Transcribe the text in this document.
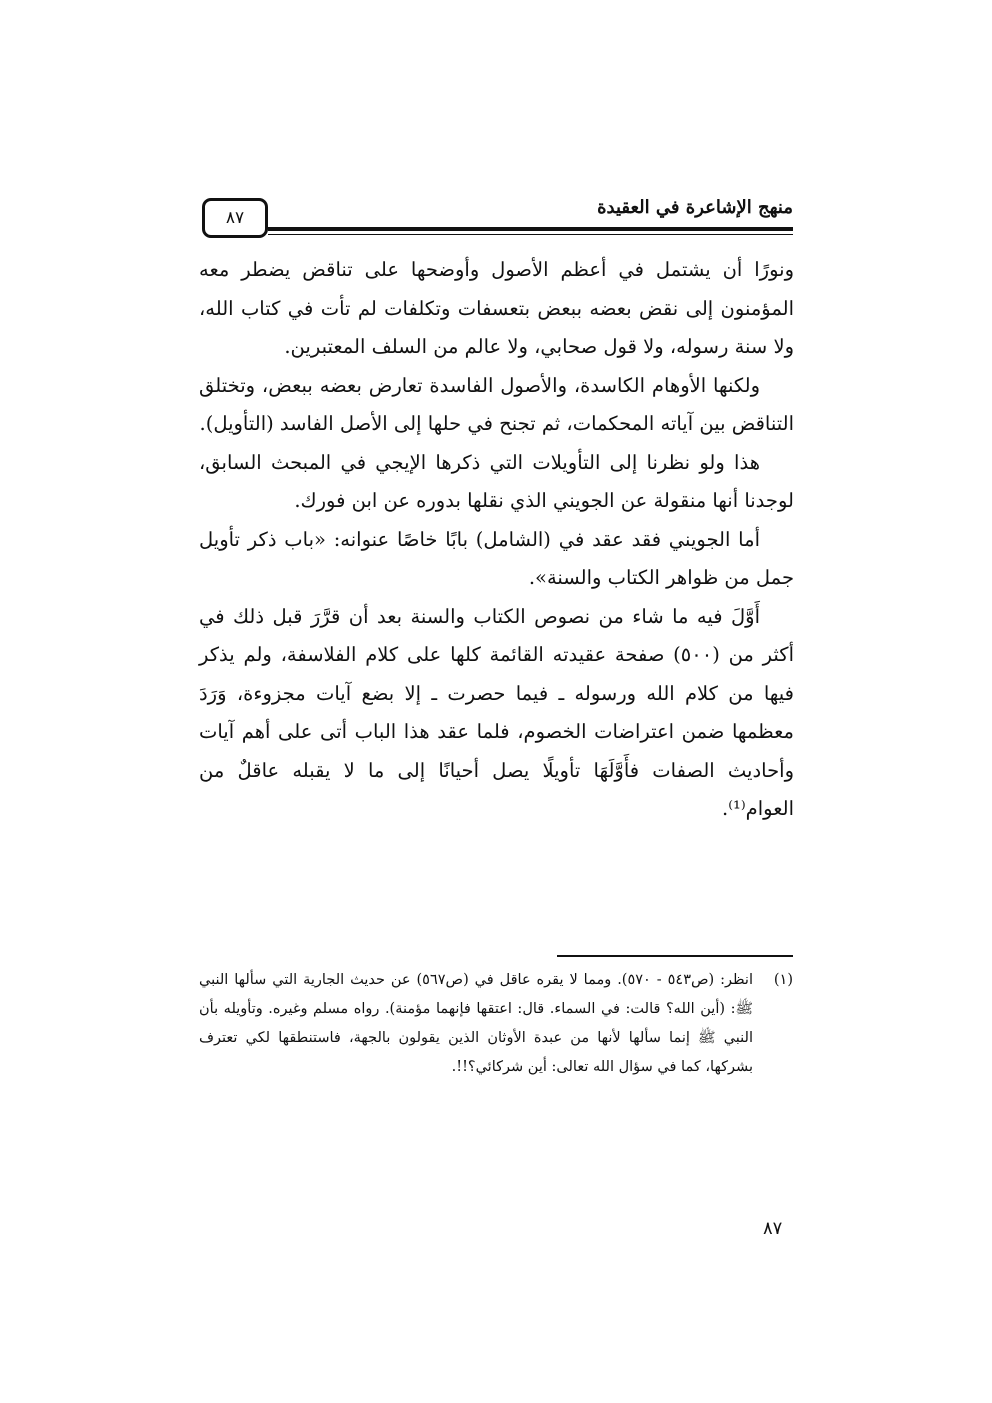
٨٧	منهج الإشاعرة في العقيدة

ونورًا أن يشتمل في أعظم الأصول وأوضحها على تناقض يضطر معه المؤمنون إلى نقض بعضه ببعض بتعسفات وتكلفات لم تأت في كتاب الله، ولا سنة رسوله، ولا قول صحابي، ولا عالم من السلف المعتبرين.

ولكنها الأوهام الكاسدة، والأصول الفاسدة تعارض بعضه ببعض، وتختلق التناقض بين آياته المحكمات، ثم تجنح في حلها إلى الأصل الفاسد (التأويل).

هذا ولو نظرنا إلى التأويلات التي ذكرها الإيجي في المبحث السابق، لوجدنا أنها منقولة عن الجويني الذي نقلها بدوره عن ابن فورك.

أما الجويني فقد عقد في (الشامل) بابًا خاصًا عنوانه: «باب ذكر تأويل جمل من ظواهر الكتاب والسنة».

أَوَّلَ فيه ما شاء من نصوص الكتاب والسنة بعد أن قرَّرَ قبل ذلك في أكثر من (٥٠٠) صفحة عقيدته القائمة كلها على كلام الفلاسفة، ولم يذكر فيها من كلام الله ورسوله ـ فيما حصرت ـ إلا بضع آيات مجزوءة، وَرَدَ معظمها ضمن اعتراضات الخصوم، فلما عقد هذا الباب أتى على أهم آيات وأحاديث الصفات فأَوَّلَهَا تأويلًا يصل أحيانًا إلى ما لا يقبله عاقلٌ من العوام⁽¹⁾.

(١)
انظر: (ص٥٤٣ - ٥٧٠). ومما لا يقره عاقل في (ص٥٦٧) عن حديث الجارية التي سألها النبي ﷺ: (أين الله؟ قالت: في السماء. قال: اعتقها فإنهما مؤمنة). رواه مسلم وغيره. وتأويله بأن النبي ﷺ إنما سألها لأنها من عبدة الأوثان الذين يقولون بالجهة، فاستنطقها لكي تعترف بشركها، كما في سؤال الله تعالى: أين شركائي؟!!.
٨٧
